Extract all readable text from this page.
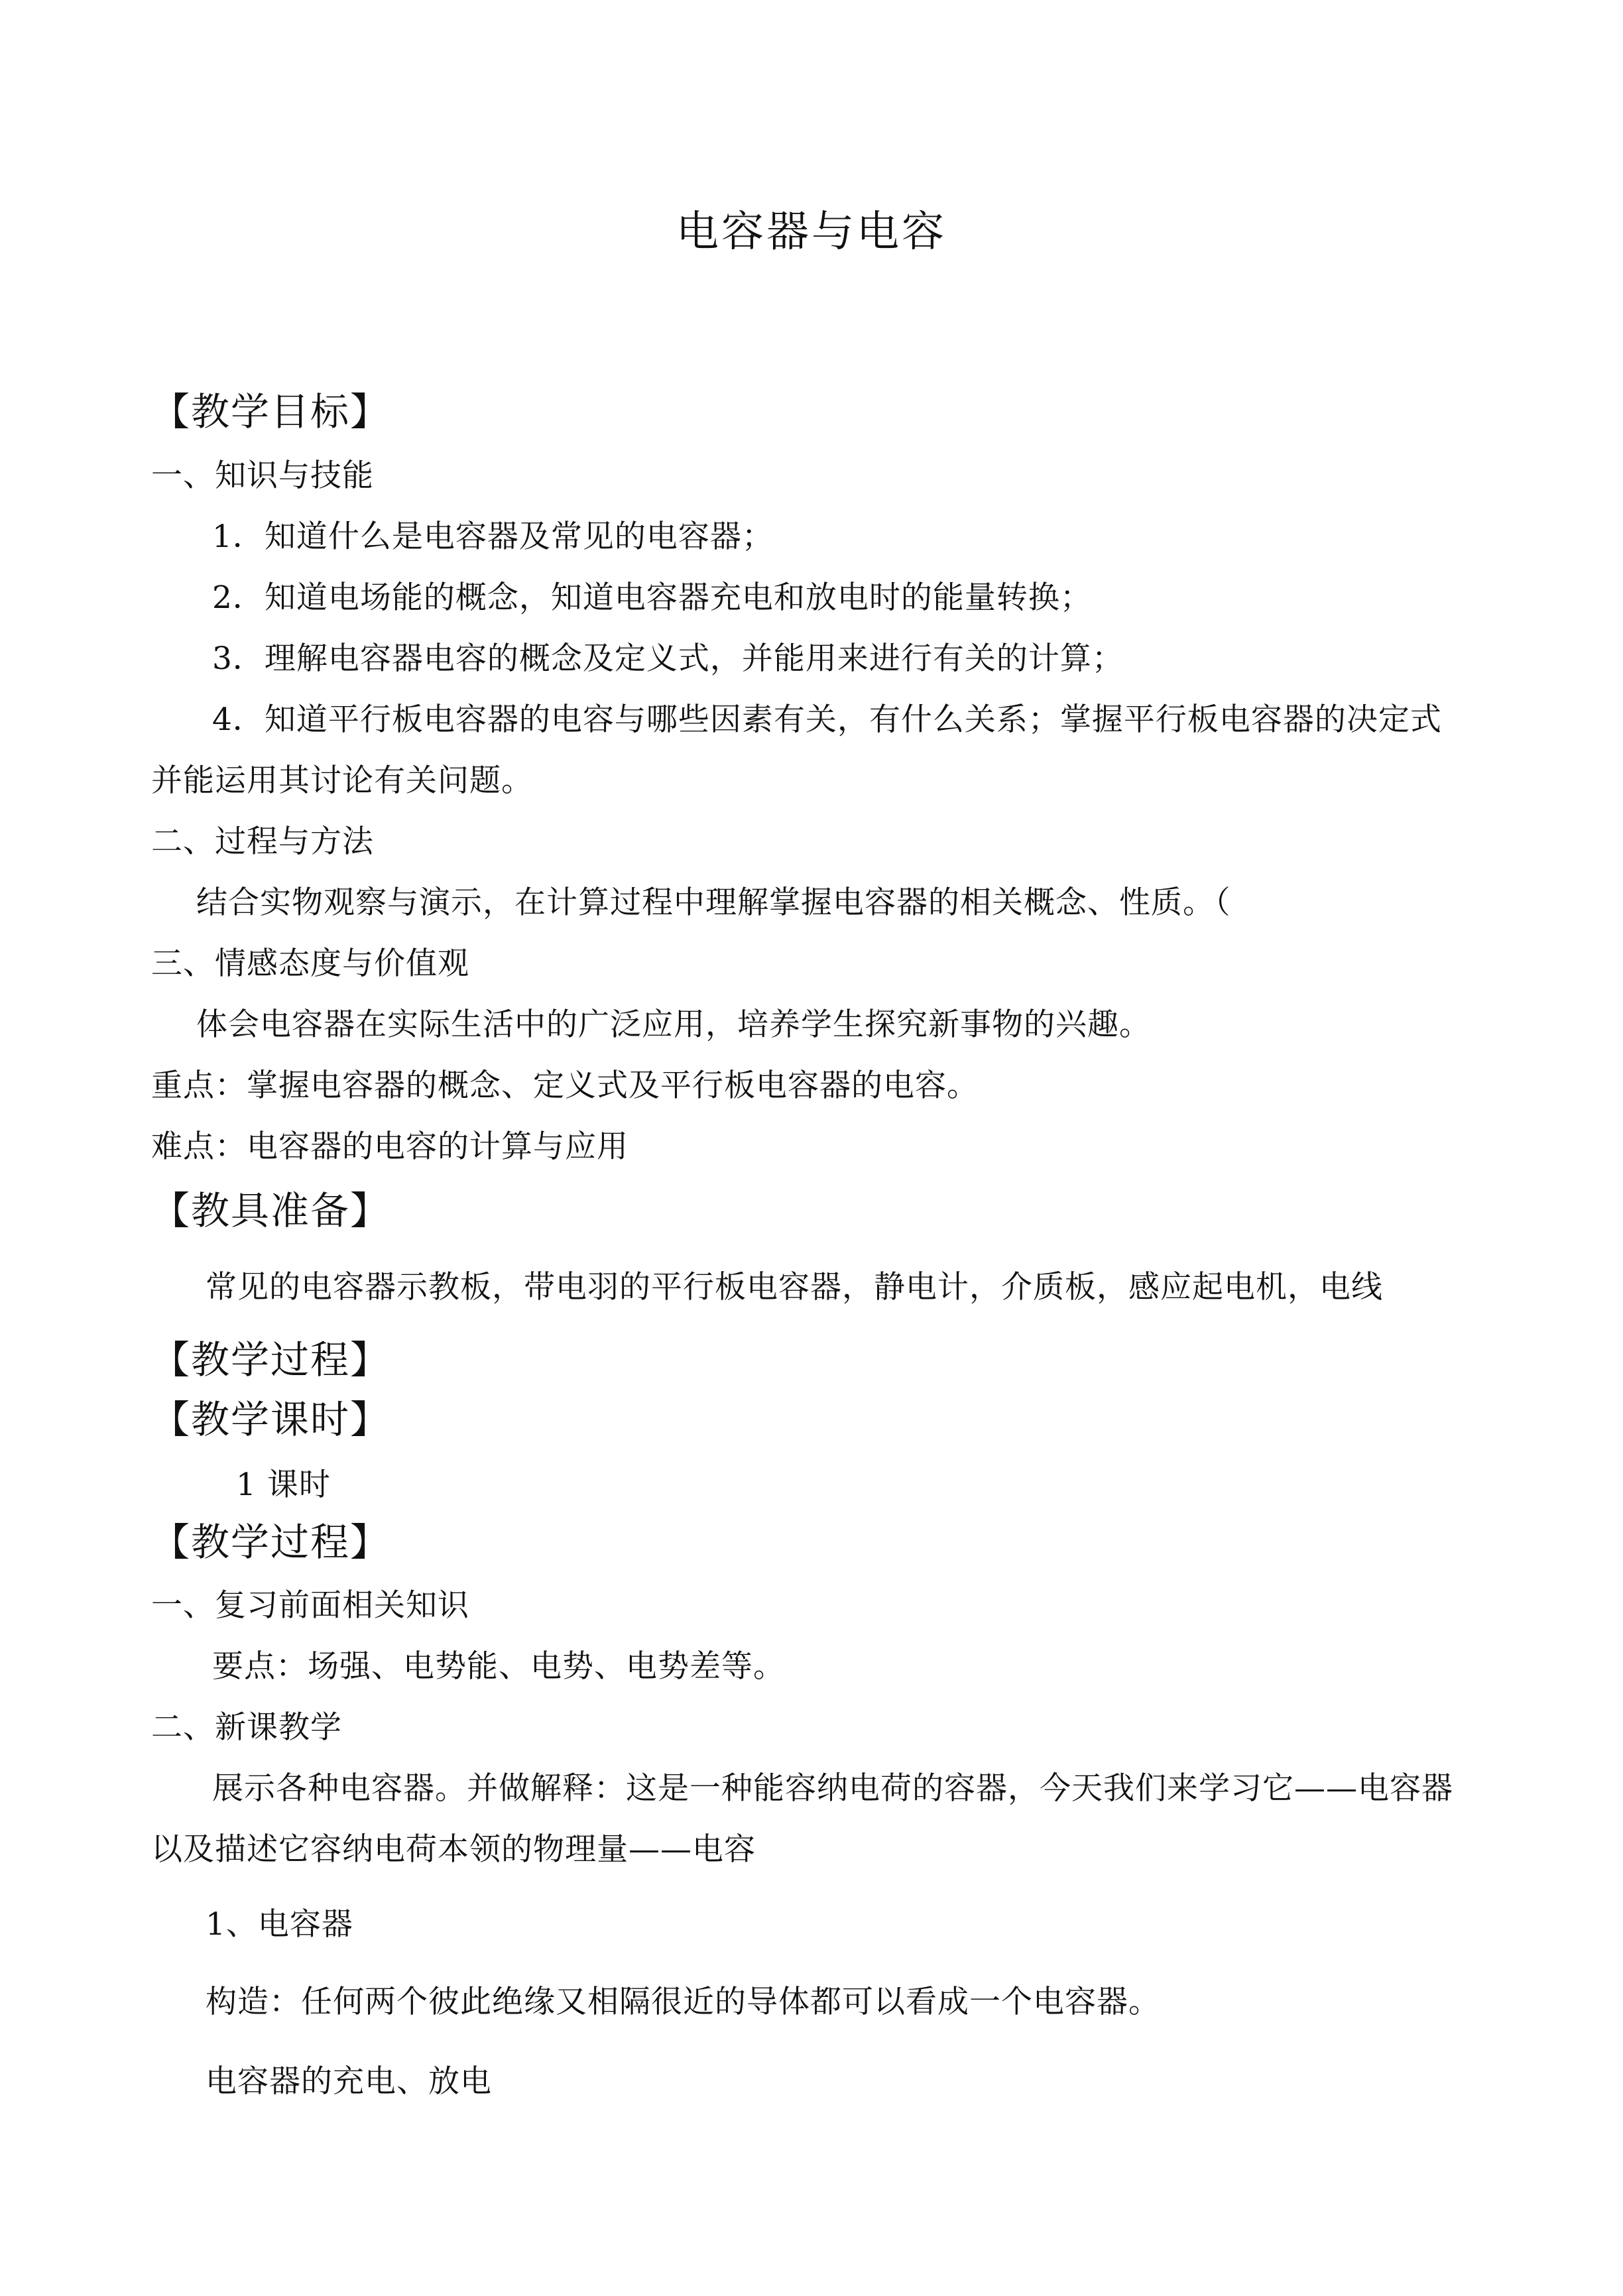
电容器与电容
【教学目标】
一、知识与技能
1．知道什么是电容器及常见的电容器；
2．知道电场能的概念，知道电容器充电和放电时的能量转换；
3．理解电容器电容的概念及定义式，并能用来进行有关的计算；
4．知道平行板电容器的电容与哪些因素有关，有什么关系；掌握平行板电容器的决定式
并能运用其讨论有关问题。
二、过程与方法
结合实物观察与演示，在计算过程中理解掌握电容器的相关概念、性质。（
三、情感态度与价值观
体会电容器在实际生活中的广泛应用，培养学生探究新事物的兴趣。
重点：掌握电容器的概念、定义式及平行板电容器的电容。
难点：电容器的电容的计算与应用
【教具准备】
常见的电容器示教板，带电羽的平行板电容器，静电计，介质板，感应起电机，电线
【教学过程】
【教学课时】
1 课时
【教学过程】
一、复习前面相关知识
要点：场强、电势能、电势、电势差等。
二、新课教学
展示各种电容器。并做解释：这是一种能容纳电荷的容器，今天我们来学习它——电容器
以及描述它容纳电荷本领的物理量——电容
1、电容器
构造：任何两个彼此绝缘又相隔很近的导体都可以看成一个电容器。
电容器的充电、放电
